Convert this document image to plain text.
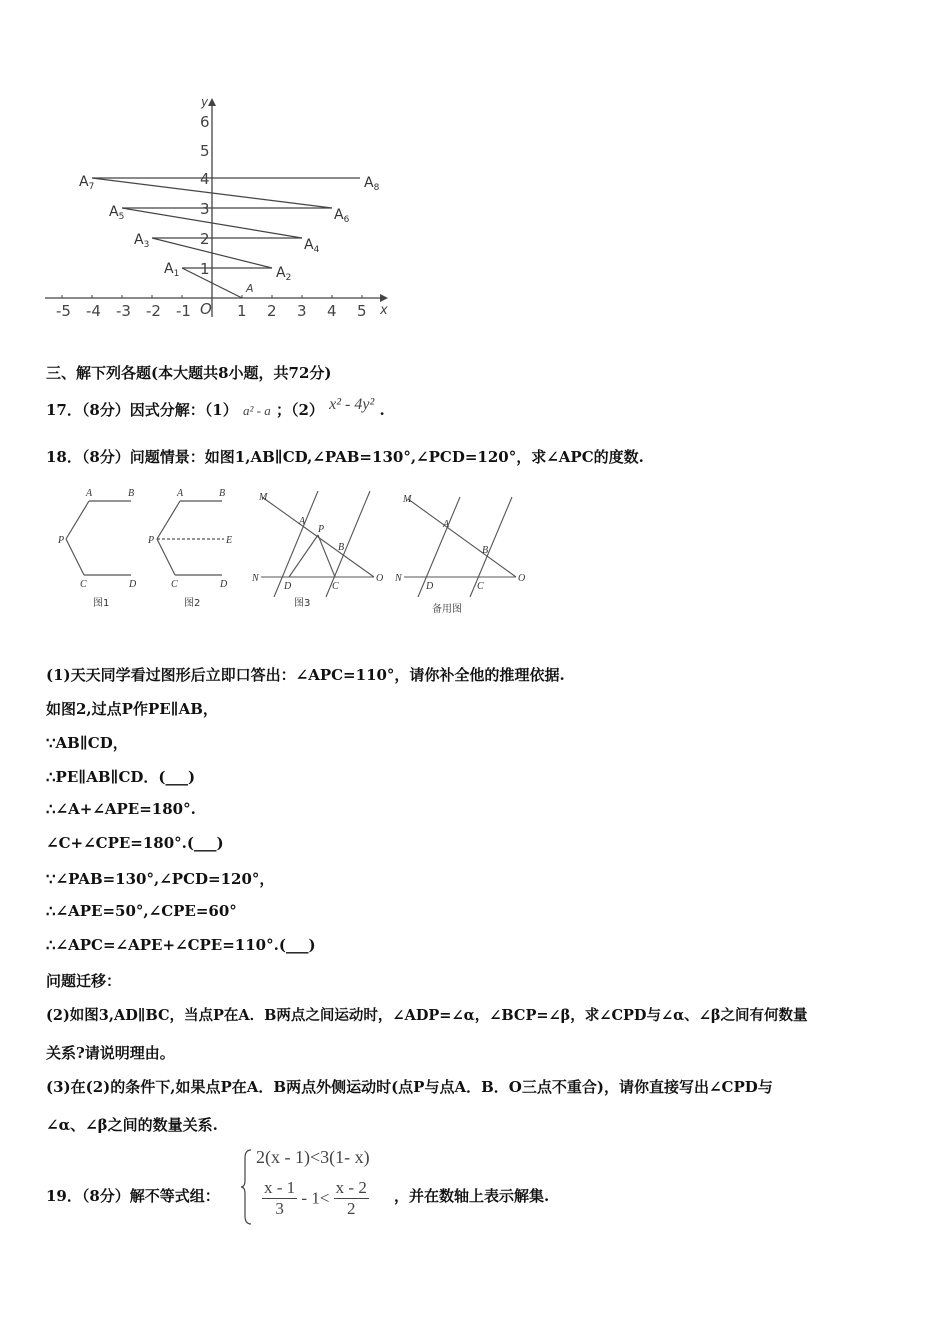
-5 -4 -3 -2 -1	1 2 3 4 5
1
2
3
4
5
6
O	x
y
A
$A_1$	$A_2$
$A_3$	$A_4$
$A_5$	$A_6$
$A_7$	$A_8$
三、解下列各题(本大题共8小题，共72分)
17．（8分）因式分解：（1） a² - a ；（2） x² - 4y² .
18．（8分）问题情景：如图1,AB∥CD,∠PAB=130°,∠PCD=120°，求∠APC的度数.
A	B
P
C	D
图1
A	B
P	E
C	D
图2
M
P
A
B
N
D	C
O
图3
M
A
B
N
D	C
O
备用图
(1)天天同学看过图形后立即口答出：∠APC=110°，请你补全他的推理依据.
如图2,过点P作PE∥AB，
∵AB∥CD，
∴PE∥AB∥CD．(___)
∴∠A+∠APE=180°.
∠C+∠CPE=180°.(___)
∵∠PAB=130°,∠PCD=120°，
∴∠APE=50°,∠CPE=60°
∴∠APC=∠APE+∠CPE=110°.(___)
问题迁移：
(2)如图3,AD∥BC，当点P在A．B两点之间运动时，∠ADP=∠α，∠BCP=∠β，求∠CPD与∠α、∠β之间有何数量
关系?请说明理由。
(3)在(2)的条件下,如果点P在A．B两点外侧运动时(点P与点A．B．O三点不重合)，请你直接写出∠CPD与
∠α、∠β之间的数量关系.
19．（8分）解不等式组：
2(x - 1)<3(1- x)
$\frac{x - 1}{3} - 1< \frac{x - 2}{2}$ ，并在数轴上表示解集.
